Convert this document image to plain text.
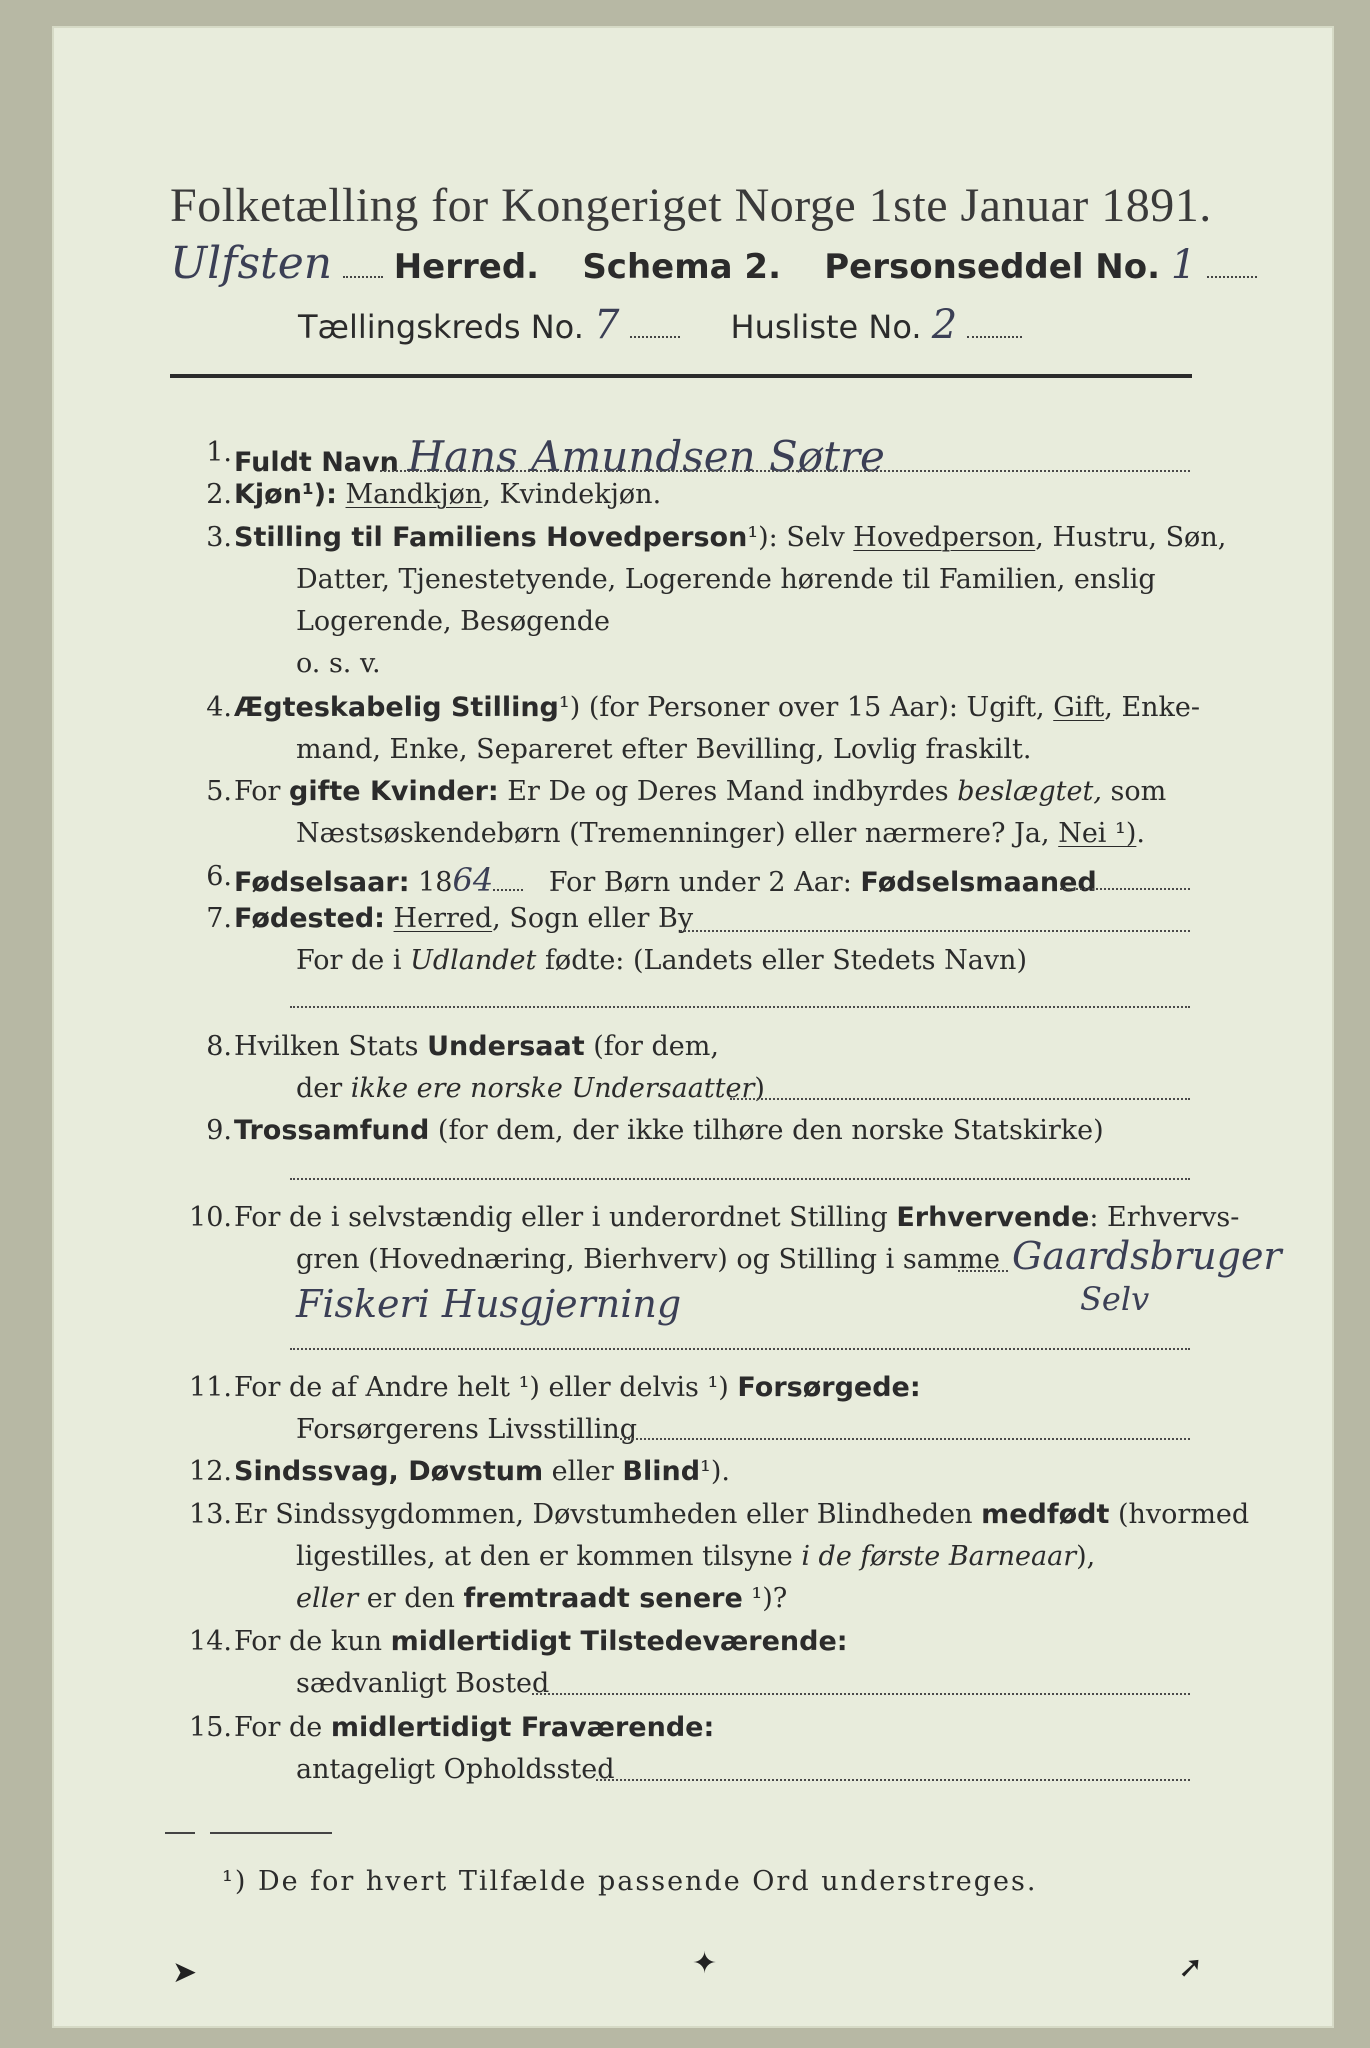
Folketælling for Kongeriget Norge 1ste Januar 1891.
Ulfsten Herred. Schema 2. Personseddel No. 1
Tællingskreds No. 7	Husliste No. 2
1. Fuldt Navn Hans Amundsen Søtre
2. Kjøn¹): Mandkjøn, Kvindekjøn.
3. Stilling til Familiens Hovedperson¹): Selv Hovedperson, Hustru, Søn,
Datter, Tjenestetyende, Logerende hørende til Familien, enslig
Logerende, Besøgende
o. s. v.
4. Ægteskabelig Stilling¹) (for Personer over 15 Aar): Ugift, Gift, Enke-
mand, Enke, Separeret efter Bevilling, Lovlig fraskilt.
5. For gifte Kvinder: Er De og Deres Mand indbyrdes beslægtet, som
Næstsøskendebørn (Tremenninger) eller nærmere? Ja, Nei ¹).
6. Fødselsaar: 1864 For Børn under 2 Aar: Fødselsmaaned
7. Fødested: Herred, Sogn eller By
For de i Udlandet fødte: (Landets eller Stedets Navn)
8. Hvilken Stats Undersaat (for dem,
der ikke ere norske Undersaatter)
9. Trossamfund (for dem, der ikke tilhøre den norske Statskirke)
10. For de i selvstændig eller i underordnet Stilling Erhvervende: Erhvervs-
gren (Hovednæring, Bierhverv) og Stilling i samme Gaardsbruger
Fiskeri Husgjerning	Selv
11. For de af Andre helt ¹) eller delvis ¹) Forsørgede:
Forsørgerens Livsstilling
12. Sindssvag, Døvstum eller Blind¹).
13. Er Sindssygdommen, Døvstumheden eller Blindheden medfødt (hvormed
ligestilles, at den er kommen tilsyne i de første Barneaar),
eller er den fremtraadt senere ¹)?
14. For de kun midlertidigt Tilstedeværende:
sædvanligt Bosted
15. For de midlertidigt Fraværende:
antageligt Opholdssted
¹) De for hvert Tilfælde passende Ord understreges.
➤	✦	➚
